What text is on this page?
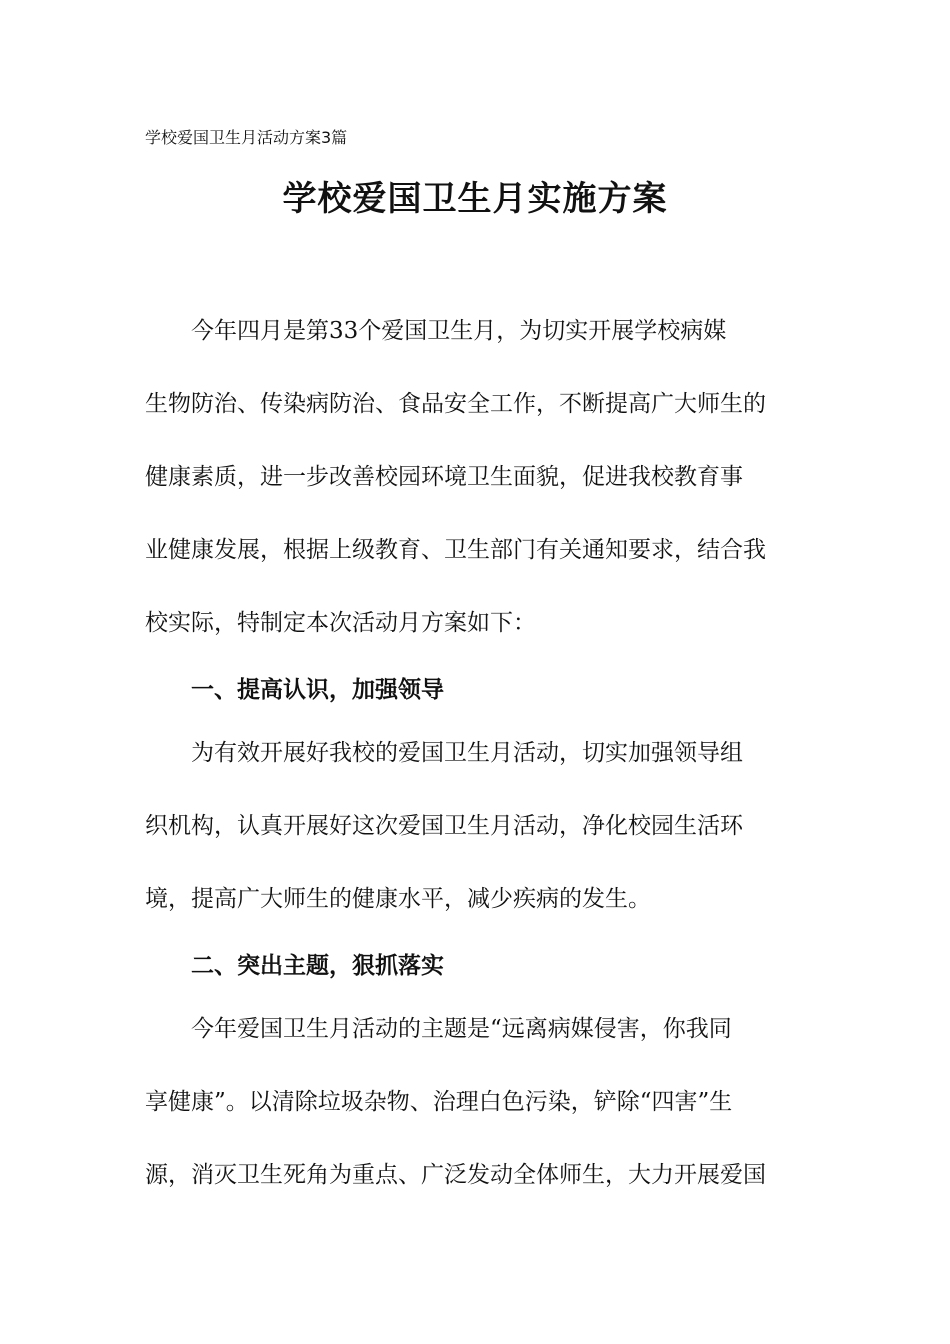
学校爱国卫生月活动方案3篇
学校爱国卫生月实施方案
今年四月是第33个爱国卫生月，为切实开展学校病媒
生物防治、传染病防治、食品安全工作，不断提高广大师生的
健康素质，进一步改善校园环境卫生面貌，促进我校教育事
业健康发展，根据上级教育、卫生部门有关通知要求，结合我
校实际，特制定本次活动月方案如下：
一、提高认识，加强领导
为有效开展好我校的爱国卫生月活动，切实加强领导组
织机构，认真开展好这次爱国卫生月活动，净化校园生活环
境，提高广大师生的健康水平，减少疾病的发生。
二、突出主题，狠抓落实
今年爱国卫生月活动的主题是“远离病媒侵害，你我同
享健康”。以清除垃圾杂物、治理白色污染，铲除“四害”生
源，消灭卫生死角为重点、广泛发动全体师生，大力开展爱国
